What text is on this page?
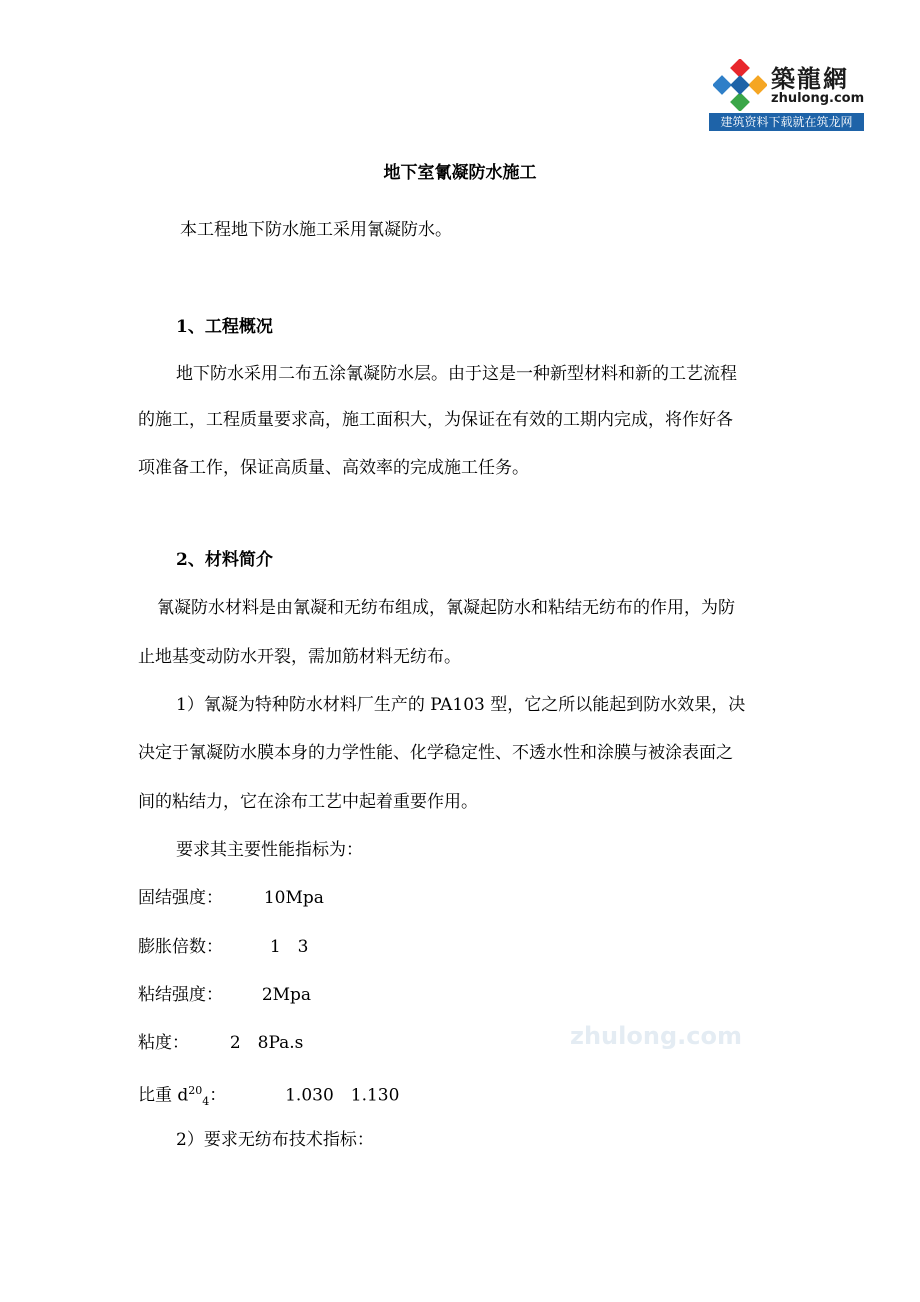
築龍網
zhulong.com
建筑资料下载就在筑龙网
zhulong.com
地下室氰凝防水施工
本工程地下防水施工采用氰凝防水。
1、工程概况
地下防水采用二布五涂氰凝防水层。由于这是一种新型材料和新的工艺流程
的施工，工程质量要求高，施工面积大，为保证在有效的工期内完成，将作好各
项准备工作，保证高质量、高效率的完成施工任务。
2、材料简介
氰凝防水材料是由氰凝和无纺布组成，氰凝起防水和粘结无纺布的作用，为防
止地基变动防水开裂，需加筋材料无纺布。
1）氰凝为特种防水材料厂生产的 PA103 型，它之所以能起到防水效果，决
决定于氰凝防水膜本身的力学性能、化学稳定性、不透水性和涂膜与被涂表面之
间的粘结力，它在涂布工艺中起着重要作用。
要求其主要性能指标为：
固结强度： 10Mpa
膨胀倍数：	1　3
粘结强度： 2Mpa
粘度： 2　8Pa.s
比重 $d^{20}_4$：	1.030　1.130
2）要求无纺布技术指标：
